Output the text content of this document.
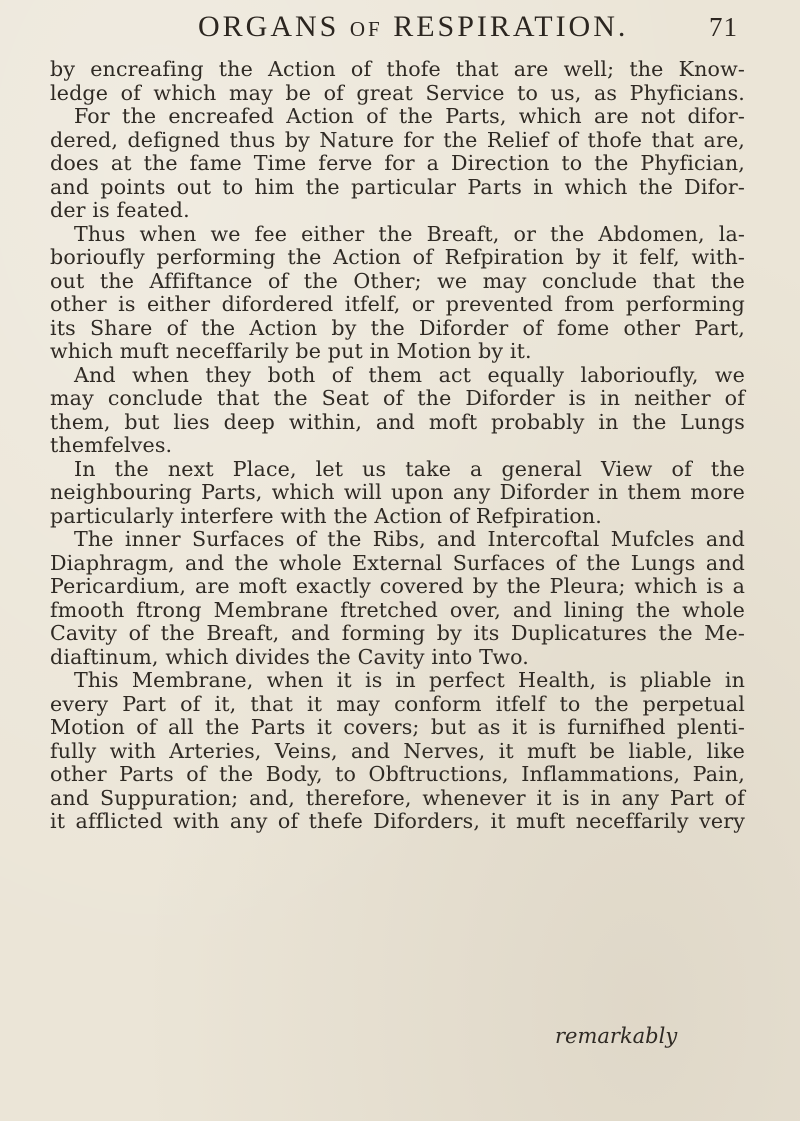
ORGANS of RESPIRATION.	71
by encreafing the Action of thofe that are well; the Know-
ledge of which may be of great Service to us, as Phyficians.
For the encreafed Action of the Parts, which are not difor-
dered, defigned thus by Nature for the Relief of thofe that are,
does at the fame Time ferve for a Direction to the Phyfician,
and points out to him the particular Parts in which the Difor-
der is feated.
Thus when we fee either the Breaft, or the Abdomen, la-
borioufly performing the Action of Refpiration by it felf, with-
out the Affiftance of the Other; we may conclude that the
other is either difordered itfelf, or prevented from performing
its Share of the Action by the Diforder of fome other Part,
which muft neceffarily be put in Motion by it.
And when they both of them act equally laborioufly, we
may conclude that the Seat of the Diforder is in neither of
them, but lies deep within, and moft probably in the Lungs
themfelves.
In the next Place, let us take a general View of the
neighbouring Parts, which will upon any Diforder in them more
particularly interfere with the Action of Refpiration.
The inner Surfaces of the Ribs, and Intercoftal Mufcles and
Diaphragm, and the whole External Surfaces of the Lungs and
Pericardium, are moft exactly covered by the Pleura; which is a
fmooth ftrong Membrane ftretched over, and lining the whole
Cavity of the Breaft, and forming by its Duplicatures the Me-
diaftinum, which divides the Cavity into Two.
This Membrane, when it is in perfect Health, is pliable in
every Part of it, that it may conform itfelf to the perpetual
Motion of all the Parts it covers; but as it is furnifhed plenti-
fully with Arteries, Veins, and Nerves, it muft be liable, like
other Parts of the Body, to Obftructions, Inflammations, Pain,
and Suppuration; and, therefore, whenever it is in any Part of
it afflicted with any of thefe Diforders, it muft neceffarily very
remarkably
